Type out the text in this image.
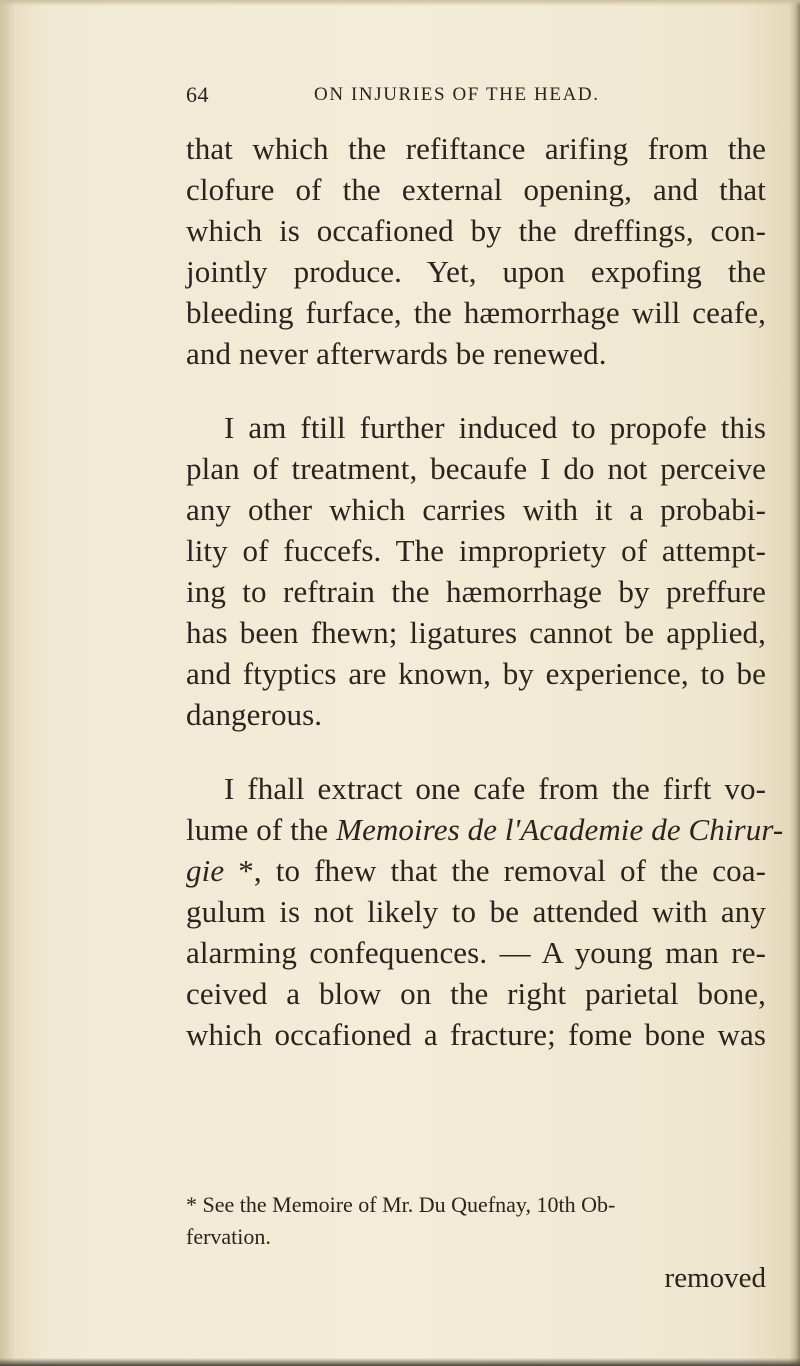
64	ON INJURIES OF THE HEAD.
that which the refiftance arifing from the
clofure of the external opening, and that
which is occafioned by the dreffings, con-
jointly produce. Yet, upon expofing the
bleeding furface, the hæmorrhage will ceafe,
and never afterwards be renewed.
I am ftill further induced to propofe this
plan of treatment, becaufe I do not perceive
any other which carries with it a probabi-
lity of fuccefs. The impropriety of attempt-
ing to reftrain the hæmorrhage by preffure
has been fhewn; ligatures cannot be applied,
and ftyptics are known, by experience, to be
dangerous.
I fhall extract one cafe from the firft vo-
lume of the Memoires de l'Academie de Chirur-
gie *, to fhew that the removal of the coa-
gulum is not likely to be attended with any
alarming confequences. — A young man re-
ceived a blow on the right parietal bone,
which occafioned a fracture; fome bone was
* See the Memoire of Mr. Du Quefnay, 10th Ob-
fervation.
removed
